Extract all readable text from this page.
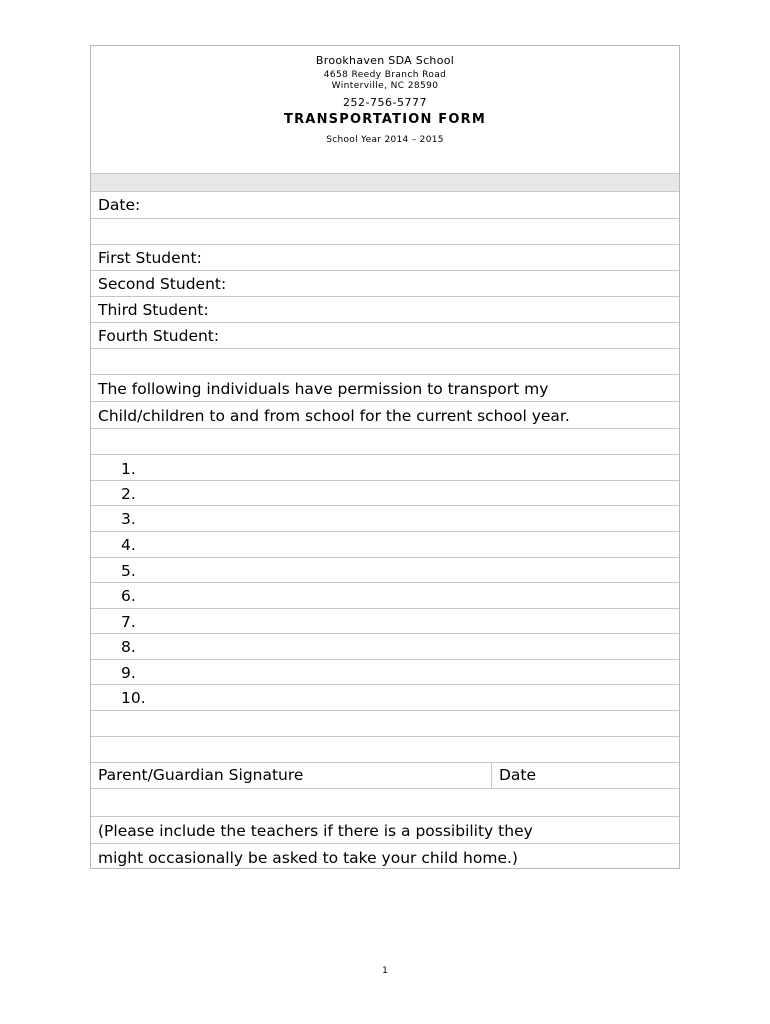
Brookhaven SDA School
4658 Reedy Branch Road
Winterville, NC 28590
252-756-5777
TRANSPORTATION FORM
School Year 2014 – 2015
Date:
First Student:
Second Student:
Third Student:
Fourth Student:
The following individuals have permission to transport my
Child/children to and from school for the current school year.
1.
2.
3.
4.
5.
6.
7.
8.
9.
10.
Parent/Guardian Signature	Date
(Please include the teachers if there is a possibility they
might occasionally be asked to take your child home.)
1
